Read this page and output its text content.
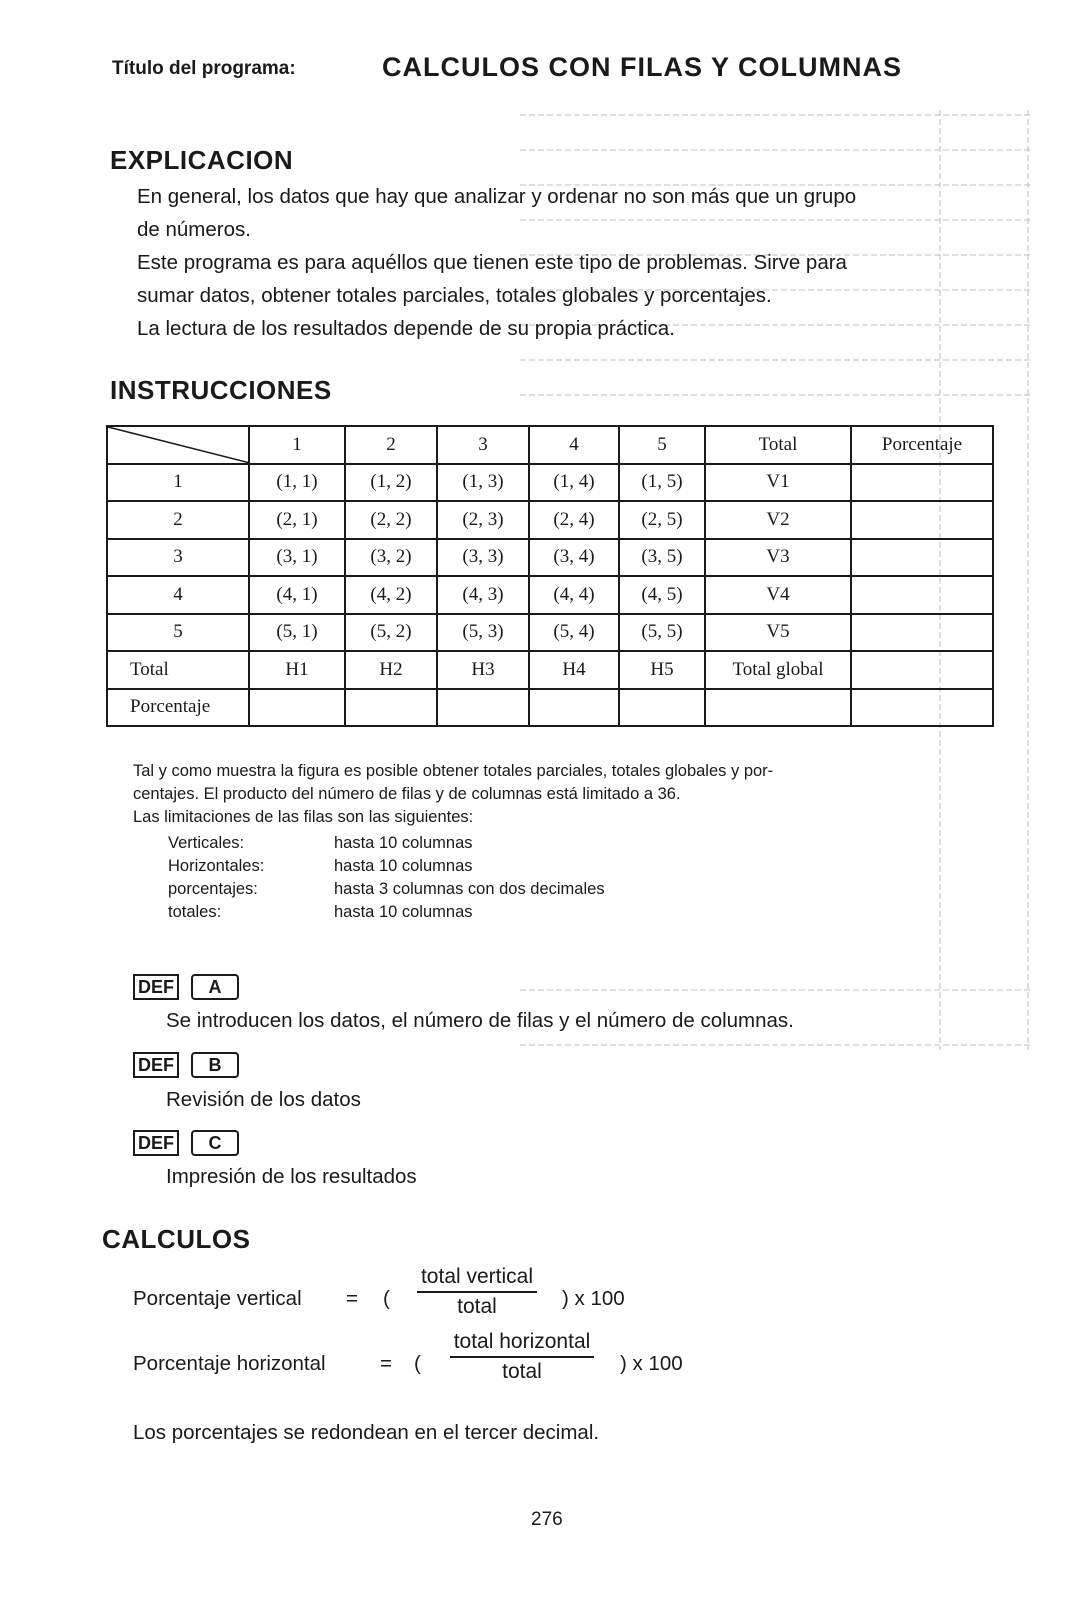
Título del programa:	CALCULOS CON FILAS Y COLUMNAS
EXPLICACION
En general, los datos que hay que analizar y ordenar no son más que un grupo
de números.
Este programa es para aquéllos que tienen este tipo de problemas. Sirve para
sumar datos, obtener totales parciales, totales globales y porcentajes.
La lectura de los resultados depende de su propia práctica.
INSTRUCCIONES
	1	2	3	4	5	Total	Porcentaje
1	(1, 1)	(1, 2)	(1, 3)	(1, 4)	(1, 5)	V1	
2	(2, 1)	(2, 2)	(2, 3)	(2, 4)	(2, 5)	V2	
3	(3, 1)	(3, 2)	(3, 3)	(3, 4)	(3, 5)	V3	
4	(4, 1)	(4, 2)	(4, 3)	(4, 4)	(4, 5)	V4	
5	(5, 1)	(5, 2)	(5, 3)	(5, 4)	(5, 5)	V5	
Total	H1	H2	H3	H4	H5	Total global	
Porcentaje							
Tal y como muestra la figura es posible obtener totales parciales, totales globales y por-
centajes. El producto del número de filas y de columnas está limitado a 36.
Las limitaciones de las filas son las siguientes:
Verticales:	hasta 10 columnas
Horizontales:	hasta 10 columnas
porcentajes:	hasta 3 columnas con dos decimales
totales:	hasta 10 columnas
DEF	A
Se introducen los datos, el número de filas y el número de columnas.
DEF	B
Revisión de los datos
DEF	C
Impresión de los resultados
CALCULOS
Porcentaje vertical = (
total vertical
total	) x 100
Porcentaje horizontal	= (
total horizontal
total	) x 100
Los porcentajes se redondean en el tercer decimal.
276
